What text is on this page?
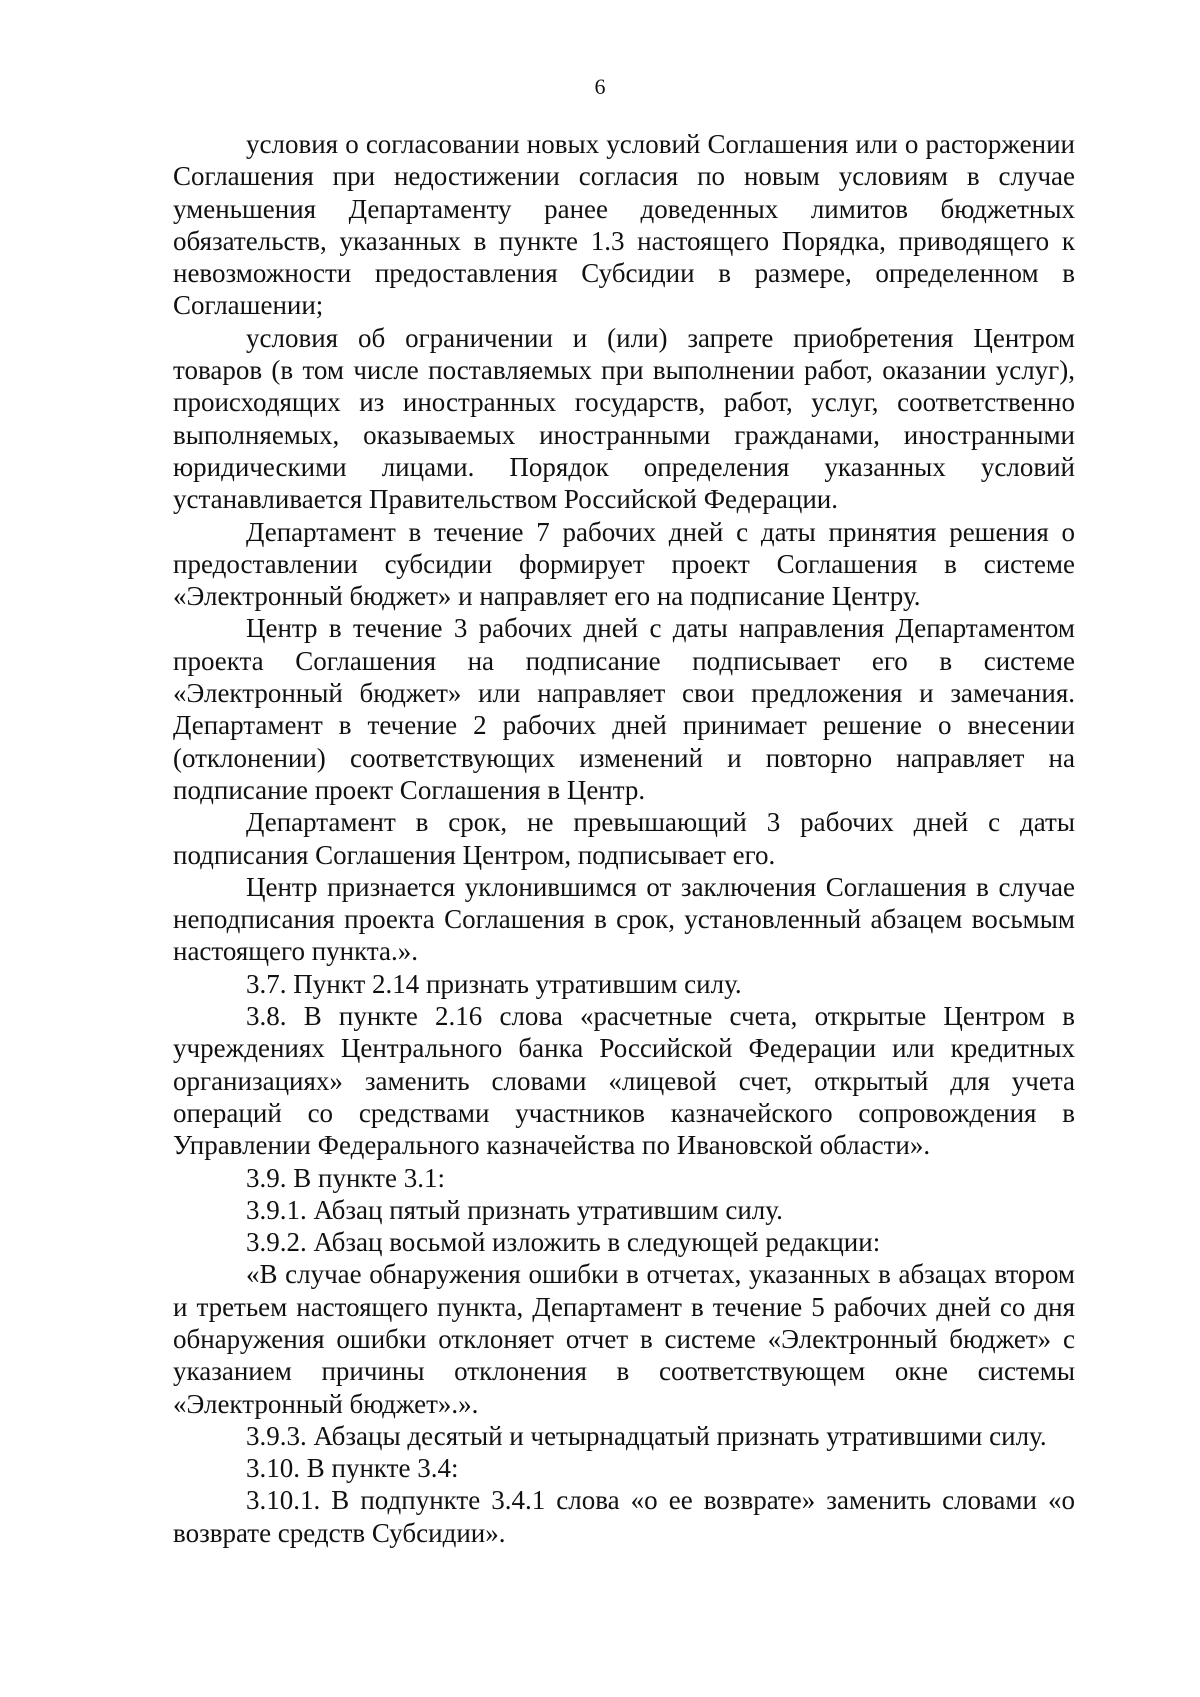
6

условия о согласовании новых условий Соглашения или о расторжении Соглашения при недостижении согласия по новым условиям в случае уменьшения Департаменту ранее доведенных лимитов бюджетных обязательств, указанных в пункте 1.3 настоящего Порядка, приводящего к невозможности предоставления Субсидии в размере, определенном в Соглашении;

условия об ограничении и (или) запрете приобретения Центром товаров (в том числе поставляемых при выполнении работ, оказании услуг), происходящих из иностранных государств, работ, услуг, соответственно выполняемых, оказываемых иностранными гражданами, иностранными юридическими лицами. Порядок определения указанных условий устанавливается Правительством Российской Федерации.

Департамент в течение 7 рабочих дней с даты принятия решения о предоставлении субсидии формирует проект Соглашения в системе «Электронный бюджет» и направляет его на подписание Центру.

Центр в течение 3 рабочих дней с даты направления Департаментом проекта Соглашения на подписание подписывает его в системе «Электронный бюджет» или направляет свои предложения и замечания. Департамент в течение 2 рабочих дней принимает решение о внесении (отклонении) соответствующих изменений и повторно направляет на подписание проект Соглашения в Центр.

Департамент в срок, не превышающий 3 рабочих дней с даты подписания Соглашения Центром, подписывает его.

Центр признается уклонившимся от заключения Соглашения в случае неподписания проекта Соглашения в срок, установленный абзацем восьмым настоящего пункта.».

3.7. Пункт 2.14 признать утратившим силу.

3.8. В пункте 2.16 слова «расчетные счета, открытые Центром в учреждениях Центрального банка Российской Федерации или кредитных организациях» заменить словами «лицевой счет, открытый для учета операций со средствами участников казначейского сопровождения в Управлении Федерального казначейства по Ивановской области».

3.9. В пункте 3.1:

3.9.1. Абзац пятый признать утратившим силу.

3.9.2. Абзац восьмой изложить в следующей редакции:

«В случае обнаружения ошибки в отчетах, указанных в абзацах втором и третьем настоящего пункта, Департамент в течение 5 рабочих дней со дня обнаружения ошибки отклоняет отчет в системе «Электронный бюджет» с указанием причины отклонения в соответствующем окне системы «Электронный бюджет».».

3.9.3. Абзацы десятый и четырнадцатый признать утратившими силу.

3.10. В пункте 3.4:

3.10.1. В подпункте 3.4.1 слова «о ее возврате» заменить словами «о возврате средств Субсидии».
